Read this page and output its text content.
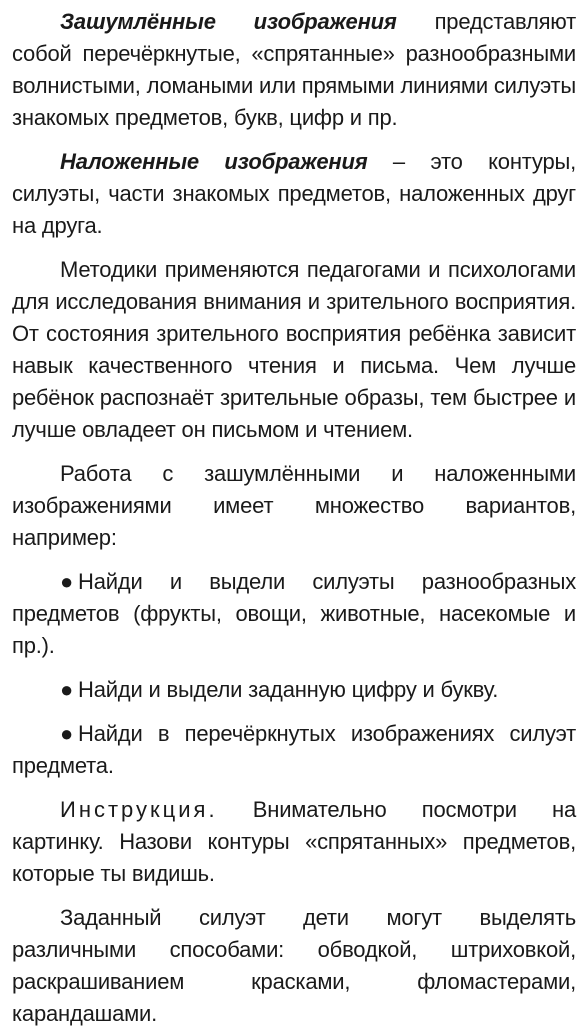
Зашумлённые изображения представляют собой перечёркнутые, «спрятанные» разнообразными волнистыми, ломаными или прямыми линиями силуэты знакомых предметов, букв, цифр и пр.

Наложенные изображения – это контуры, силуэты, части знакомых предметов, наложенных друг на друга.

Методики применяются педагогами и психологами для исследования внимания и зрительного восприятия. От состояния зрительного восприятия ребёнка зависит навык качественного чтения и письма. Чем лучше ребёнок распознаёт зрительные образы, тем быстрее и лучше овладеет он письмом и чтением.

Работа с зашумлёнными и наложенными изображениями имеет множество вариантов, например:

● Найди и выдели силуэты разнообразных предметов (фрукты, овощи, животные, насекомые и пр.).

● Найди и выдели заданную цифру и букву.

● Найди в перечёркнутых изображениях силуэт предмета.

Инструкция. Внимательно посмотри на картинку. Назови контуры «спрятанных» предметов, которые ты видишь.

Заданный силуэт дети могут выделять различными способами: обводкой, штриховкой, раскрашиванием красками, фломастерами, карандашами.
